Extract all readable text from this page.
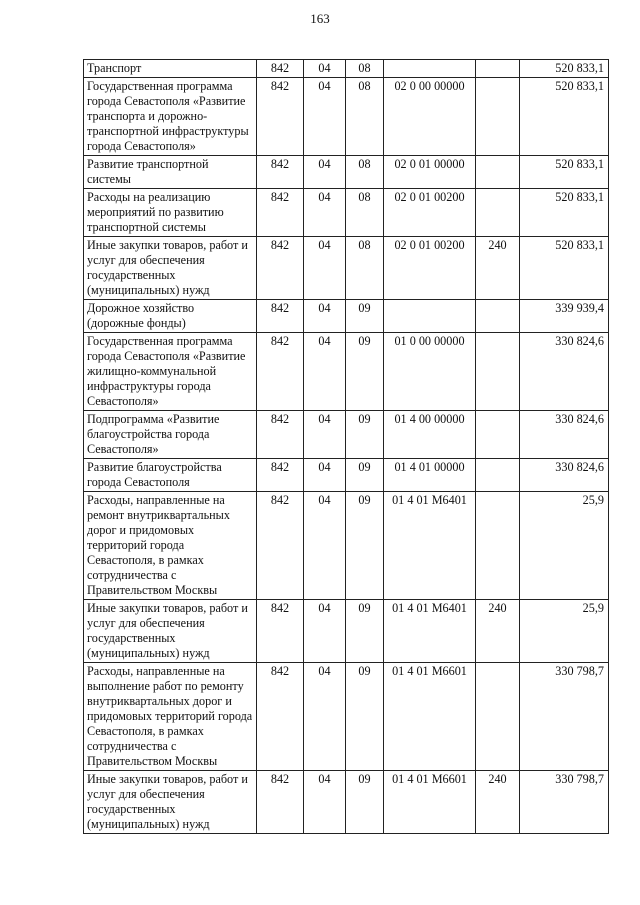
163
Транспорт	842	04	08			520 833,1
Государственная программа города Севастополя «Развитие транспорта и дорожно-транспортной инфраструктуры города Севастополя»	842	04	08	02 0 00 00000		520 833,1
Развитие транспортной системы	842	04	08	02 0 01 00000		520 833,1
Расходы на реализацию мероприятий по развитию транспортной системы	842	04	08	02 0 01 00200		520 833,1
Иные закупки товаров, работ и услуг для обеспечения государственных (муниципальных) нужд	842	04	08	02 0 01 00200	240	520 833,1
Дорожное хозяйство (дорожные фонды)	842	04	09			339 939,4
Государственная программа города Севастополя «Развитие жилищно-коммунальной инфраструктуры города Севастополя»	842	04	09	01 0 00 00000		330 824,6
Подпрограмма «Развитие благоустройства города Севастополя»	842	04	09	01 4 00 00000		330 824,6
Развитие благоустройства города Севастополя	842	04	09	01 4 01 00000		330 824,6
Расходы, направленные на ремонт внутриквартальных дорог и придомовых территорий города Севастополя, в рамках сотрудничества с Правительством Москвы	842	04	09	01 4 01 М6401		25,9
Иные закупки товаров, работ и услуг для обеспечения государственных (муниципальных) нужд	842	04	09	01 4 01 М6401	240	25,9
Расходы, направленные на выполнение работ по ремонту внутриквартальных дорог и придомовых территорий города Севастополя, в рамках сотрудничества с Правительством Москвы	842	04	09	01 4 01 М6601		330 798,7
Иные закупки товаров, работ и услуг для обеспечения государственных (муниципальных) нужд	842	04	09	01 4 01 М6601	240	330 798,7
